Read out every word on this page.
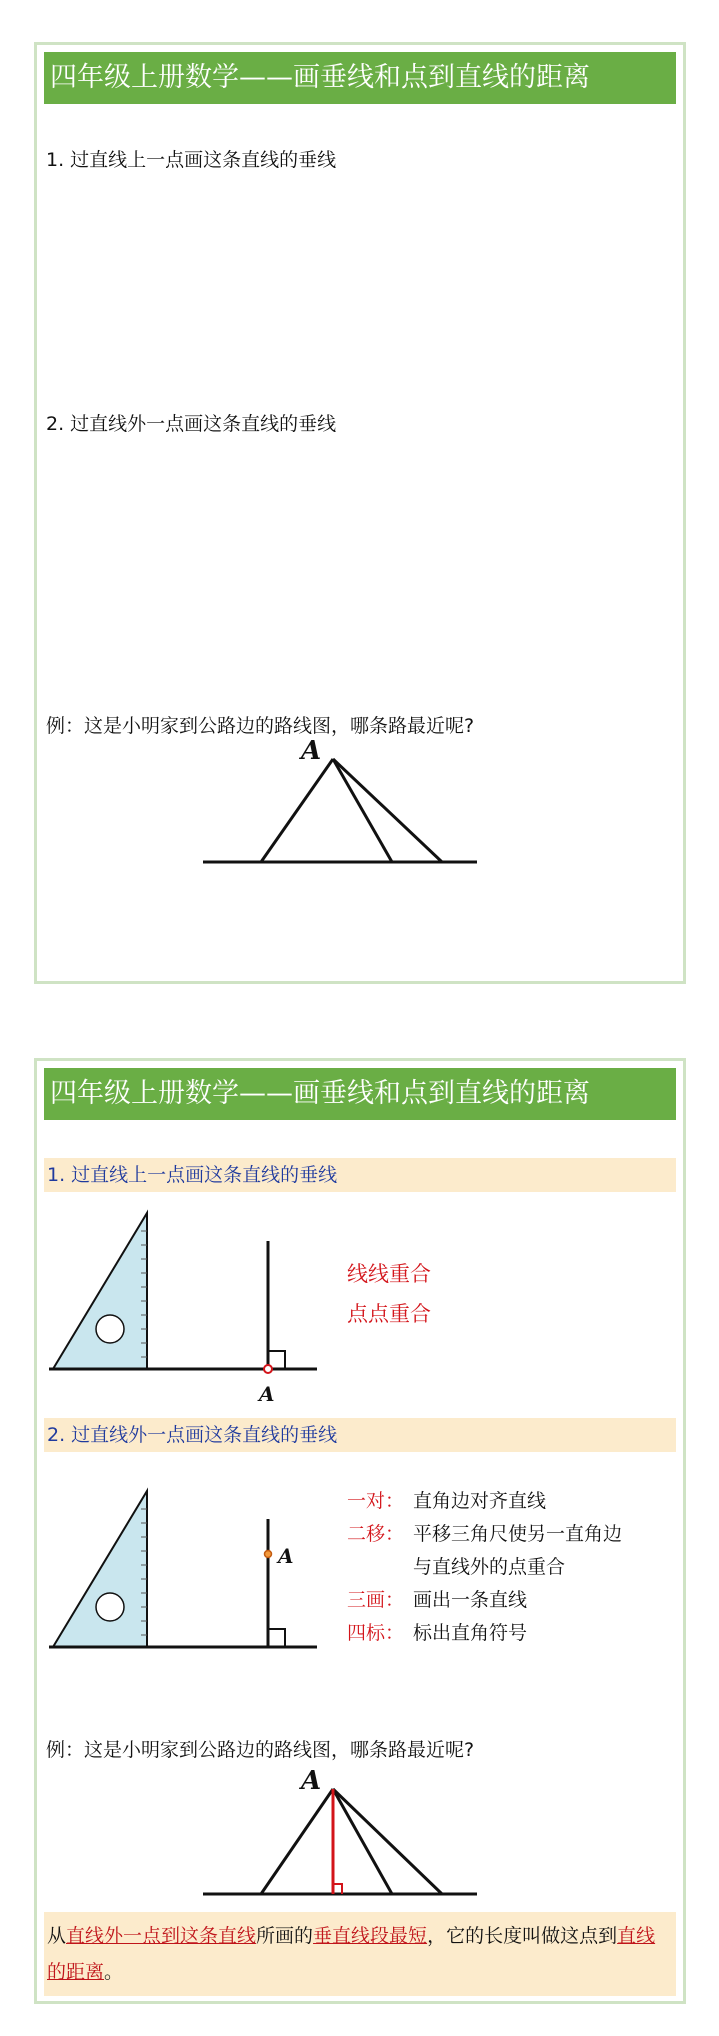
四年级上册数学——画垂线和点到直线的距离
1. 过直线上一点画这条直线的垂线
2. 过直线外一点画这条直线的垂线
例：这是小明家到公路边的路线图，哪条路最近呢?
A
四年级上册数学——画垂线和点到直线的距离
1. 过直线上一点画这条直线的垂线
A
线线重合
点点重合
2. 过直线外一点画这条直线的垂线
A
一对： 直角边对齐直线
二移： 平移三角尺使另一直角边
与直线外的点重合
三画： 画出一条直线
四标： 标出直角符号
例：这是小明家到公路边的路线图，哪条路最近呢?
A
从直线外一点到这条直线所画的垂直线段最短，它的长度叫做这点到直线的距离。
